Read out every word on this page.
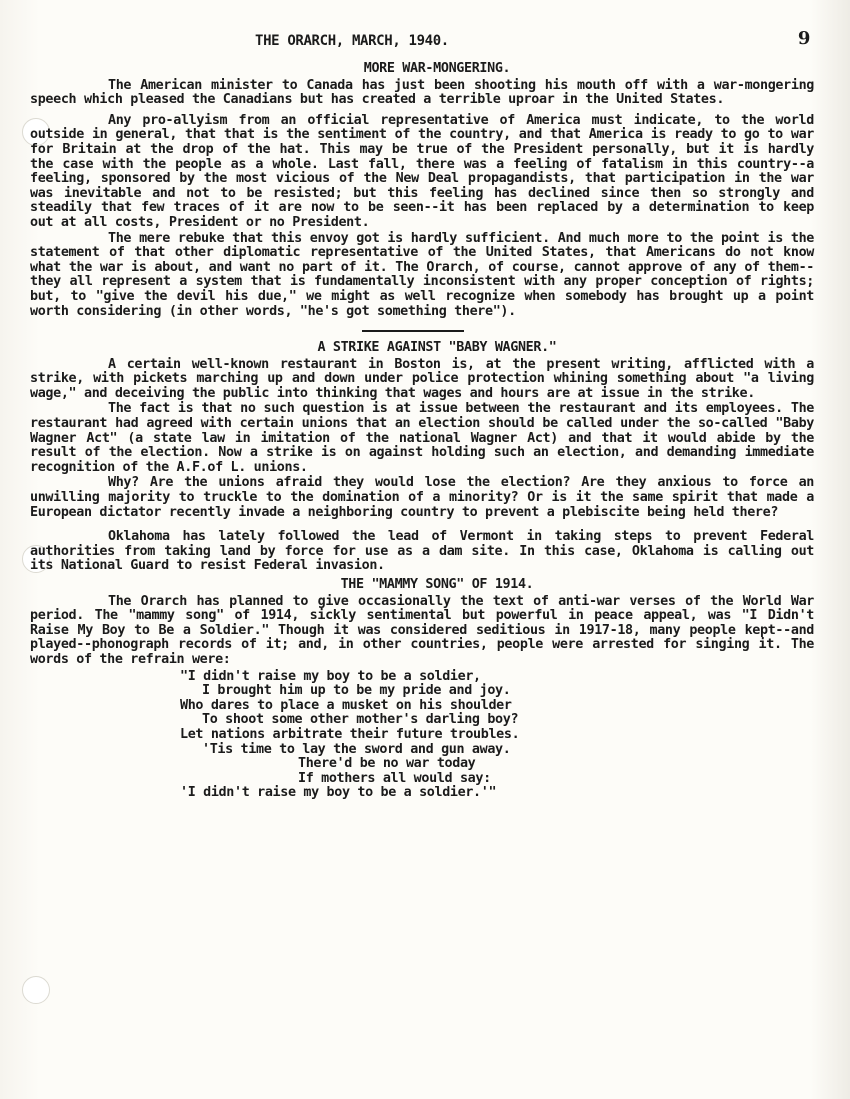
THE ORARCH, MARCH, 1940.	9
MORE WAR-MONGERING.

The American minister to Canada has just been shooting his mouth off with a war-mongering speech which pleased the Canadians but has created a terrible uproar in the United States.

Any pro-allyism from an official representative of America must indicate, to the world outside in general, that that is the sentiment of the country, and that America is ready to go to war for Britain at the drop of the hat. This may be true of the President personally, but it is hardly the case with the people as a whole. Last fall, there was a feeling of fatalism in this country--a feeling, sponsored by the most vicious of the New Deal propagandists, that participation in the war was inevitable and not to be resisted; but this feeling has declined since then so strongly and steadily that few traces of it are now to be seen--it has been replaced by a determination to keep out at all costs, President or no President.

The mere rebuke that this envoy got is hardly sufficient. And much more to the point is the statement of that other diplomatic representative of the United States, that Americans do not know what the war is about, and want no part of it. The Orarch, of course, cannot approve of any of them--they all represent a system that is fundamentally inconsistent with any proper conception of rights; but, to "give the devil his due," we might as well recognize when somebody has brought up a point worth considering (in other words, "he's got something there").

A STRIKE AGAINST "BABY WAGNER."

A certain well-known restaurant in Boston is, at the present writing, afflicted with a strike, with pickets marching up and down under police protection whining something about "a living wage," and deceiving the public into thinking that wages and hours are at issue in the strike.

The fact is that no such question is at issue between the restaurant and its employees. The restaurant had agreed with certain unions that an election should be called under the so-called "Baby Wagner Act" (a state law in imitation of the national Wagner Act) and that it would abide by the result of the election. Now a strike is on against holding such an election, and demanding immediate recognition of the A.F.of L. unions.

Why? Are the unions afraid they would lose the election? Are they anxious to force an unwilling majority to truckle to the domination of a minority? Or is it the same spirit that made a European dictator recently invade a neighboring country to prevent a plebiscite being held there?

Oklahoma has lately followed the lead of Vermont in taking steps to prevent Federal authorities from taking land by force for use as a dam site. In this case, Oklahoma is calling out its National Guard to resist Federal invasion.

THE "MAMMY SONG" OF 1914.

The Orarch has planned to give occasionally the text of anti-war verses of the World War period. The "mammy song" of 1914, sickly sentimental but powerful in peace appeal, was "I Didn't Raise My Boy to Be a Soldier." Though it was considered seditious in 1917-18, many people kept--and played--phonograph records of it; and, in other countries, people were arrested for singing it. The words of the refrain were:

"I didn't raise my boy to be a soldier,
I brought him up to be my pride and joy.
Who dares to place a musket on his shoulder
To shoot some other mother's darling boy?
Let nations arbitrate their future troubles.
'Tis time to lay the sword and gun away.
There'd be no war today
If mothers all would say:
'I didn't raise my boy to be a soldier.'"
